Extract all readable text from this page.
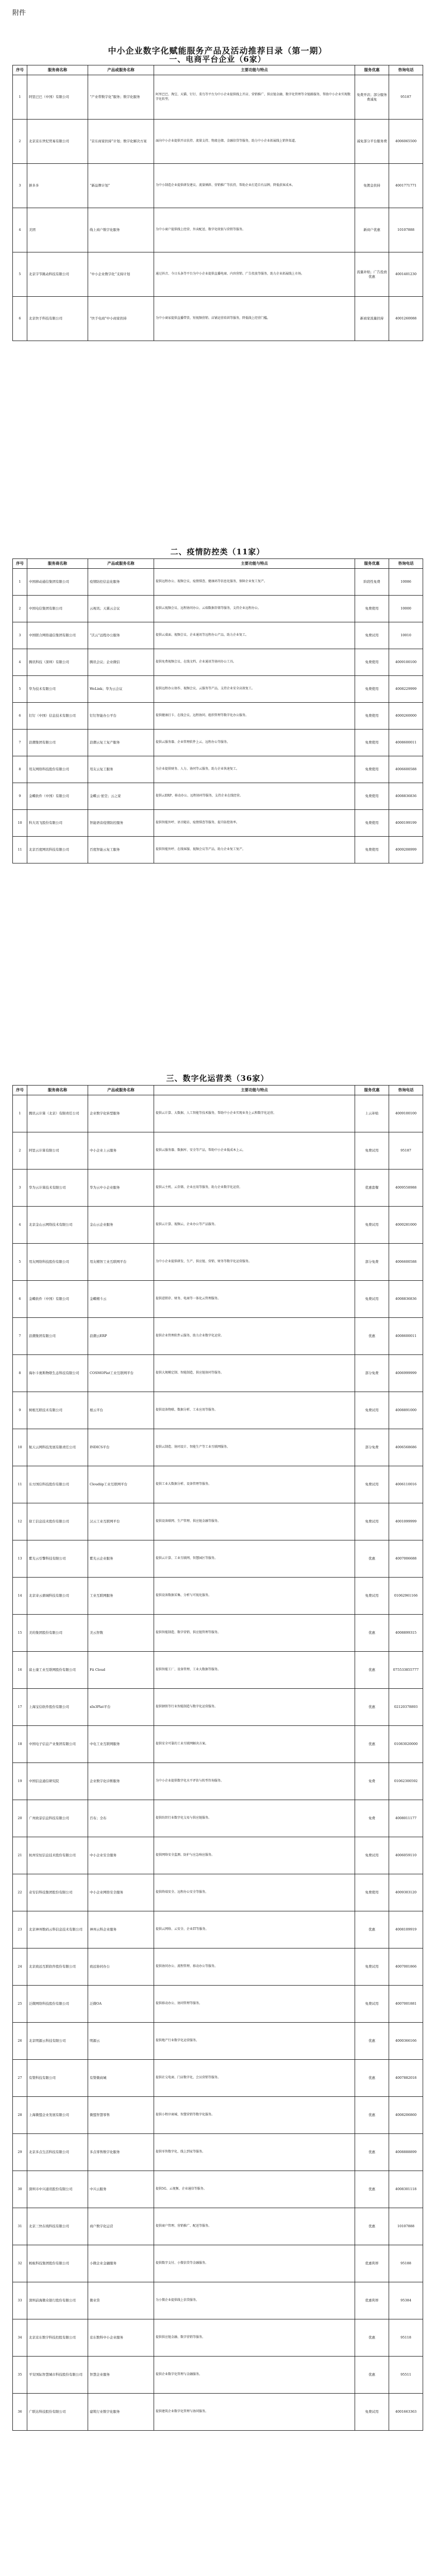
附件
中小企业数字化赋能服务产品及活动推荐目录（第一期）
一、电商平台企业（6家）
序号	服务商名称	产品或服务名称	主要功能与特点	服务优惠	咨询电话
1	阿里巴巴（中国）有限公司	“产业带数字化”服务；数字化服务	阿里巴巴、淘宝、天猫、钉钉、菜鸟等平台为中小企业提供线上开店、营销推广、供应链金融、数字化管理等全链路服务，帮助中小企业实现数字化转型。	免费开店；部分服务费减免	95187
2	北京京东世纪贸易有限公司	“京东商家扶持”计划；数字化解决方案	面向中小企业提供开店扶持、流量支持、物流仓储、金融信贷等服务，助力中小企业拓展线上销售渠道。	减免部分平台服务费	4006065500
3	拼多多	“新品牌计划”	为中小制造企业提供研发建议、流量倾斜、营销推广等扶持，帮助企业打造自有品牌，降低获客成本。	免佣金扶持	4001771771
4	美团	线上商户数字化服务	为中小商户提供线上经营、外卖配送、数字化收银与营销等服务。	新商户优惠	10107888
5	北京字节跳动科技有限公司	“中小企业数字化”支持计划	通过抖音、今日头条等平台为中小企业提供直播电商、内容营销、广告投放等服务，助力企业拓展线上市场。	流量补贴；广告投放优惠	4001401230
6	北京快手科技有限公司	“快手电商”中小商家扶持	为中小商家提供直播带货、短视频营销、店铺运营培训等服务，降低线上经营门槛。	新商家流量扶持	4001260088
二、疫情防控类（11家）
序号	服务商名称	产品或服务名称	主要功能与特点	服务优惠	咨询电话
1	中国移动通信集团有限公司	疫情防控信息化服务	提供远程办公、视频会议、疫情排查、健康码等信息化服务，保障企业复工复产。	阶段性免费	10086
2	中国电信集团有限公司	云视讯；天翼云会议	提供云视频会议、远程协同办公、云端数据存储等服务，支持企业远程办公。	免费使用	10000
3	中国联合网络通信集团有限公司	“沃云”远程办公服务	提供云桌面、视频会议、企业通讯等远程办公产品，助力企业复工。	免费试用	10010
4	腾讯科技（深圳）有限公司	腾讯会议；企业微信	提供免费视频会议、在线文档、企业通讯等协同办公工具。	免费使用	4009100100
5	华为技术有限公司	WeLink；华为云会议	提供远程办公协作、视频会议、云服务等产品，支持企业安全高效复工。	免费使用	4008229999
6	钉钉（中国）信息技术有限公司	钉钉智能办公平台	提供健康打卡、在线会议、远程协同、组织管理等数字化办公服务。	免费使用	4000260000
7	浪潮集团有限公司	浪潮云复工复产服务	提供云服务器、企业管理软件上云、远程办公等服务。	免费使用	4008600011
8	用友网络科技股份有限公司	用友云复工服务	为企业提供财务、人力、协同等云服务，助力企业快速复工。	免费使用	4006600588
9	金蝶软件（中国）有限公司	金蝶云·星空；云之家	提供云ERP、移动办公、远程协同等服务，支持企业在线经营。	免费使用	4008836836
10	科大讯飞股份有限公司	智能语音疫情防控服务	提供智能外呼、语音随访、疫情排查等服务，提升防控效率。	免费使用	4000199199
11	北京百度网讯科技有限公司	百度智能云复工服务	提供智能外呼、在线客服、视频会议等产品，助力企业复工复产。	免费使用	4009208999
三、数字化运营类（36家）
序号	服务商名称	产品或服务名称	主要功能与特点	服务优惠	咨询电话
1	腾讯云计算（北京）有限责任公司	企业数字化转型服务	提供云计算、大数据、人工智能等技术服务，帮助中小企业实现业务上云和数字化运营。	上云补贴	4009100100
2	阿里云计算有限公司	中小企业上云服务	提供云服务器、数据库、安全等产品，帮助中小企业低成本上云。	免费试用	95187
3	华为云计算技术有限公司	华为云中小企业服务	提供云主机、云存储、企业应用等服务，助力企业数字化运营。	优惠套餐	4009558988
4	北京金山云网络技术有限公司	金山云企业服务	提供云计算、视频云、企业办公等产品服务。	免费试用	4000281000
5	用友网络科技股份有限公司	用友精智工业互联网平台	为中小企业提供研发、生产、供应链、营销、财务等数字化运营服务。	部分免费	4006600588
6	金蝶软件（中国）有限公司	金蝶精斗云	提供进销存、财务、电商等一体化云管理服务。	免费试用	4008836836
7	浪潮集团有限公司	浪潮云ERP	提供企业管理软件云服务，助力企业数字化运营。	优惠	4008600011
8	海尔卡奥斯物联生态科技有限公司	COSMOPlat工业互联网平台	提供大规模定制、智能制造、供应链协同等服务。	部分免费	4006999999
9	树根互联技术有限公司	根云平台	提供设备物联、数据分析、工业应用等服务。	免费试用	4008891000
10	航天云网科技发展有限责任公司	INDICS平台	提供云制造、协同设计、智能生产等工业互联网服务。	部分免费	4006568686
11	东方国信科技股份有限公司	Cloudiip工业互联网平台	提供工业大数据分析、设备管理等服务。	免费试用	4006110016
12	徐工信息技术股份有限公司	汉云工业互联网平台	提供设备联网、生产管理、供应链金融等服务。	免费试用	4001099999
13	紫光云引擎科技有限公司	紫光云企业服务	提供云计算、工业互联网、智慧园区等服务。	优惠	4007006688
14	北京寄云鼎城科技有限公司	工业互联网服务	提供设备数据采集、分析与可视化服务。	免费试用	01062961166
15	美的集团股份有限公司	美云智数	提供智能制造、数字营销、供应链管理等服务。	优惠	4008899315
16	富士康工业互联网股份有限公司	Fii Cloud	提供智能工厂、设备管理、工业大数据等服务。	优惠	075533855777
17	上海宝信软件股份有限公司	xIn3Plat平台	提供钢铁等行业智能制造与数字化运营服务。	优惠	02120378893
18	中国电子信息产业集团有限公司	中电工业互联网服务	提供安全可靠的工业互联网解决方案。	优惠	01083020000
19	中国信息通信研究院	企业数字化诊断服务	为中小企业提供数字化水平评估与转型咨询服务。	免费	01062300592
20	广州致景信息科技有限公司	百布；全布	提供纺织行业数字化交易与供应链服务。	免费	4008011177
21	杭州安恒信息技术股份有限公司	中小企业安全服务	提供网络安全监测、防护与应急响应服务。	免费试用	4006059110
22	奇安信科技集团股份有限公司	中小企业网络安全服务	提供终端安全、远程办公安全等服务。	免费使用	4009303120
23	北京神州数码云科信息技术有限公司	神州云科企业服务	提供云网络、云安全、企业IT等服务。	优惠	4008109919
24	北京致远互联软件股份有限公司	致远协同办公	提供协同办公、流程管理、移动办公等服务。	免费试用	4007001866
25	泛微网络科技股份有限公司	泛微OA	提供移动办公、协同管理等服务。	免费试用	4007001881
26	北京明源云科技有限公司	明源云	提供地产行业数字化运营服务。	优惠	4000366166
27	有赞科技有限公司	有赞微商城	提供社交电商、门店数字化、会员营销等服务。	优惠	4007882018
28	上海微盟企业发展有限公司	微盟智慧零售	提供小程序商城、智慧营销等数字化服务。	优惠	4008206860
29	北京多点生活科技有限公司	多点零售数字化服务	提供零售数字化、线上到家等服务。	优惠	4008888899
30	深圳市中兴通讯股份有限公司	中兴云服务	提供5G、云视频、企业通信等服务。	优惠	4008301118
31	北京三快在线科技有限公司	商户数字化运营	提供商户管理、营销推广、配送等服务。	优惠	10107888
32	蚂蚁科技集团股份有限公司	小微企业金融服务	提供数字支付、小微信贷等金融服务。	优惠利率	95188
33	深圳前海微众银行股份有限公司	微业贷	为小微企业提供线上信贷服务。	优惠利率	95384
34	北京京东数字科技控股有限公司	京东数科中小企业服务	提供供应链金融、数字营销等服务。	优惠	95118
35	平安国际智慧城市科技股份有限公司	智慧企业服务	提供企业数字化管理与金融服务。	优惠	95511
36	广联达科技股份有限公司	建筑行业数字化服务	提供建筑企业数字化管理与协同服务。	免费试用	4001663363
